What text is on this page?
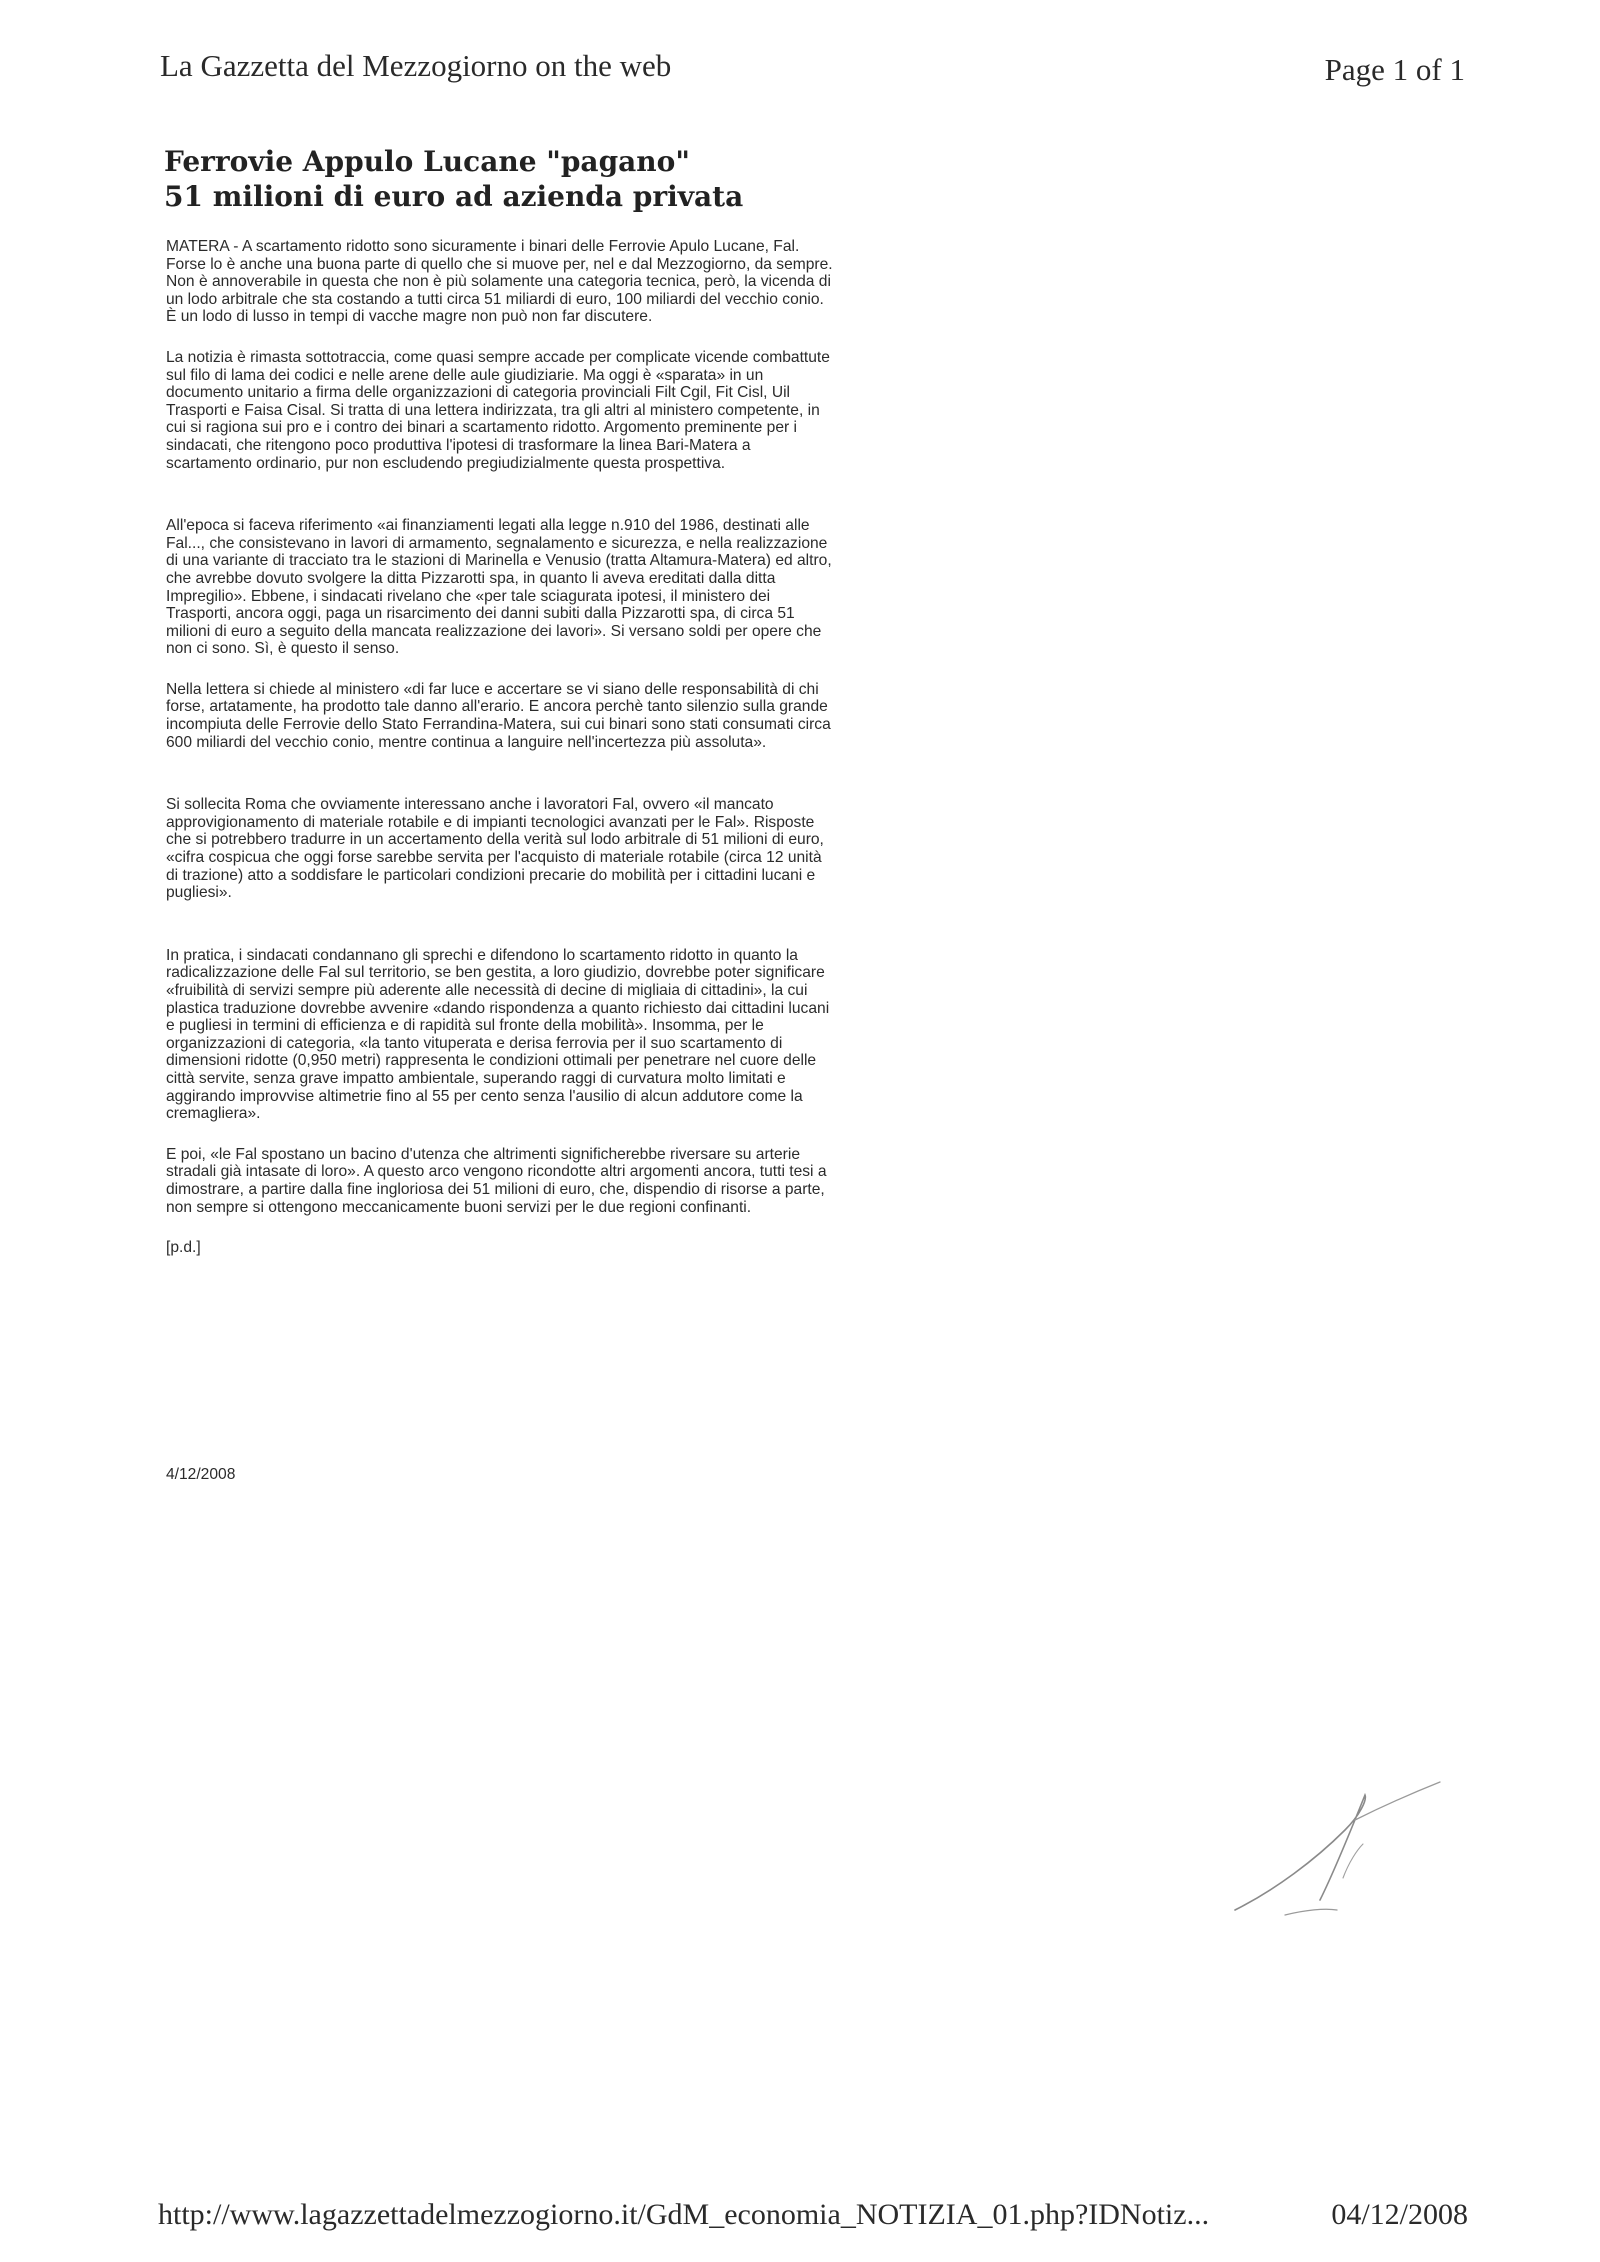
La Gazzetta del Mezzogiorno on the web	Page 1 of 1
Ferrovie Appulo Lucane "pagano"
51 milioni di euro ad azienda privata

MATERA - A scartamento ridotto sono sicuramente i binari delle Ferrovie Apulo Lucane, Fal. Forse lo è anche una buona parte di quello che si muove per, nel e dal Mezzogiorno, da sempre. Non è annoverabile in questa che non è più solamente una categoria tecnica, però, la vicenda di un lodo arbitrale che sta costando a tutti circa 51 miliardi di euro, 100 miliardi del vecchio conio. È un lodo di lusso in tempi di vacche magre non può non far discutere.

La notizia è rimasta sottotraccia, come quasi sempre accade per complicate vicende combattute sul filo di lama dei codici e nelle arene delle aule giudiziarie. Ma oggi è «sparata» in un documento unitario a firma delle organizzazioni di categoria provinciali Filt Cgil, Fit Cisl, Uil Trasporti e Faisa Cisal. Si tratta di una lettera indirizzata, tra gli altri al ministero competente, in cui si ragiona sui pro e i contro dei binari a scartamento ridotto. Argomento preminente per i sindacati, che ritengono poco produttiva l'ipotesi di trasformare la linea Bari-Matera a scartamento ordinario, pur non escludendo pregiudizialmente questa prospettiva.

All'epoca si faceva riferimento «ai finanziamenti legati alla legge n.910 del 1986, destinati alle Fal..., che consistevano in lavori di armamento, segnalamento e sicurezza, e nella realizzazione di una variante di tracciato tra le stazioni di Marinella e Venusio (tratta Altamura-Matera) ed altro, che avrebbe dovuto svolgere la ditta Pizzarotti spa, in quanto li aveva ereditati dalla ditta Impregilio». Ebbene, i sindacati rivelano che «per tale sciagurata ipotesi, il ministero dei Trasporti, ancora oggi, paga un risarcimento dei danni subiti dalla Pizzarotti spa, di circa 51 milioni di euro a seguito della mancata realizzazione dei lavori». Si versano soldi per opere che non ci sono. Sì, è questo il senso.

Nella lettera si chiede al ministero «di far luce e accertare se vi siano delle responsabilità di chi forse, artatamente, ha prodotto tale danno all'erario. E ancora perchè tanto silenzio sulla grande incompiuta delle Ferrovie dello Stato Ferrandina-Matera, sui cui binari sono stati consumati circa 600 miliardi del vecchio conio, mentre continua a languire nell'incertezza più assoluta».

Si sollecita Roma che ovviamente interessano anche i lavoratori Fal, ovvero «il mancato approvigionamento di materiale rotabile e di impianti tecnologici avanzati per le Fal». Risposte che si potrebbero tradurre in un accertamento della verità sul lodo arbitrale di 51 milioni di euro, «cifra cospicua che oggi forse sarebbe servita per l'acquisto di materiale rotabile (circa 12 unità di trazione) atto a soddisfare le particolari condizioni precarie do mobilità per i cittadini lucani e pugliesi».

In pratica, i sindacati condannano gli sprechi e difendono lo scartamento ridotto in quanto la radicalizzazione delle Fal sul territorio, se ben gestita, a loro giudizio, dovrebbe poter significare «fruibilità di servizi sempre più aderente alle necessità di decine di migliaia di cittadini», la cui plastica traduzione dovrebbe avvenire «dando rispondenza a quanto richiesto dai cittadini lucani e pugliesi in termini di efficienza e di rapidità sul fronte della mobilità». Insomma, per le organizzazioni di categoria, «la tanto vituperata e derisa ferrovia per il suo scartamento di dimensioni ridotte (0,950 metri) rappresenta le condizioni ottimali per penetrare nel cuore delle città servite, senza grave impatto ambientale, superando raggi di curvatura molto limitati e aggirando improvvise altimetrie fino al 55 per cento senza l'ausilio di alcun addutore come la cremagliera».

E poi, «le Fal spostano un bacino d'utenza che altrimenti significherebbe riversare su arterie stradali già intasate di loro». A questo arco vengono ricondotte altri argomenti ancora, tutti tesi a dimostrare, a partire dalla fine ingloriosa dei 51 milioni di euro, che, dispendio di risorse a parte, non sempre si ottengono meccanicamente buoni servizi per le due regioni confinanti.

[p.d.]

4/12/2008
http://www.lagazzettadelmezzogiorno.it/GdM_economia_NOTIZIA_01.php?IDNotiz...	04/12/2008
